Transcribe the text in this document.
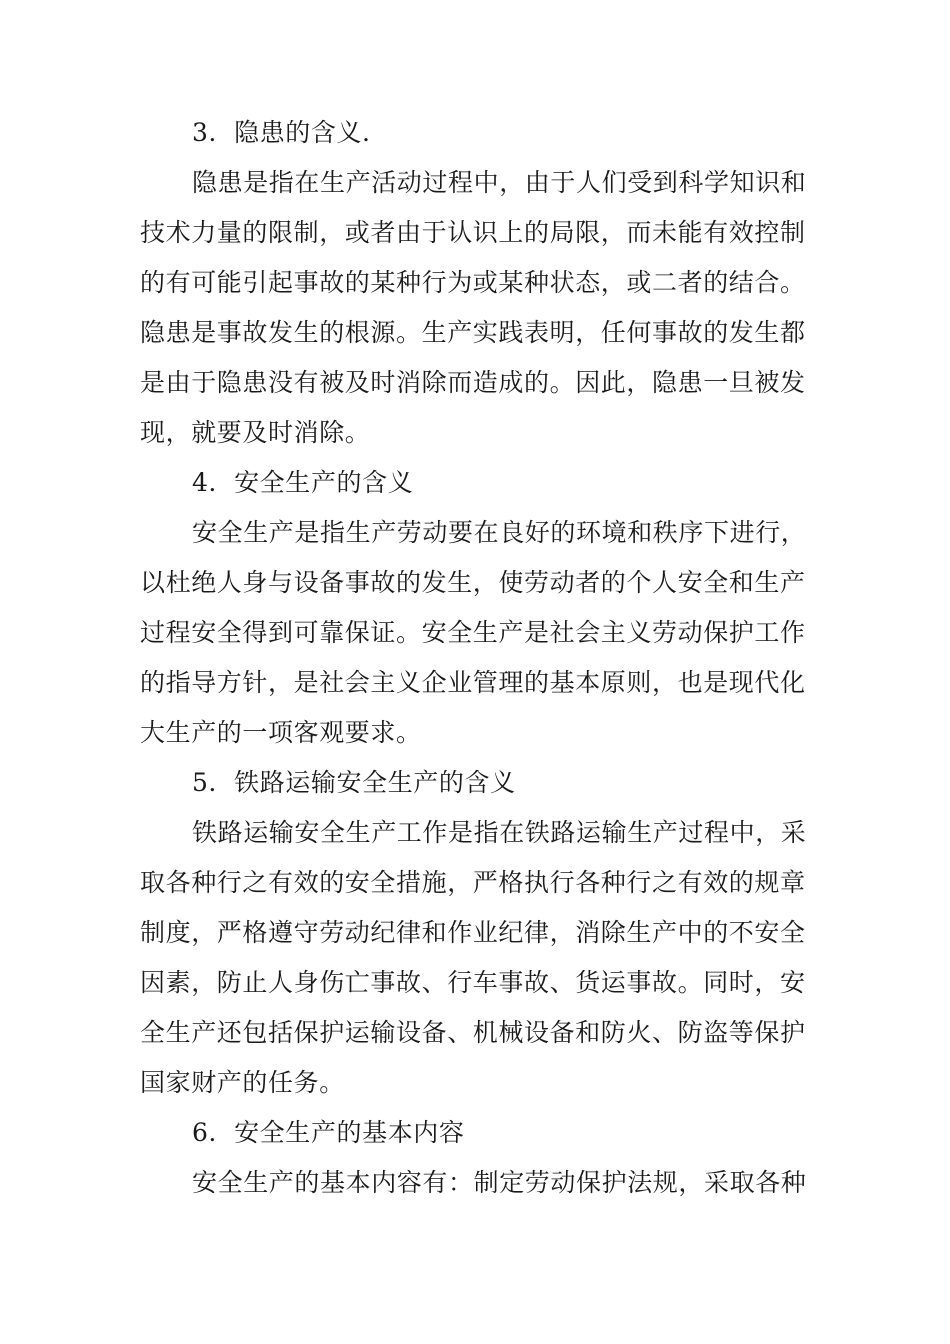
3．隐患的含义．
隐患是指在生产活动过程中，由于人们受到科学知识和
技术力量的限制，或者由于认识上的局限，而未能有效控制
的有可能引起事故的某种行为或某种状态，或二者的结合。
隐患是事故发生的根源。生产实践表明，任何事故的发生都
是由于隐患没有被及时消除而造成的。因此，隐患一旦被发
现，就要及时消除。
4．安全生产的含义
安全生产是指生产劳动要在良好的环境和秩序下进行，
以杜绝人身与设备事故的发生，使劳动者的个人安全和生产
过程安全得到可靠保证。安全生产是社会主义劳动保护工作
的指导方针，是社会主义企业管理的基本原则，也是现代化
大生产的一项客观要求。
5．铁路运输安全生产的含义
铁路运输安全生产工作是指在铁路运输生产过程中，采
取各种行之有效的安全措施，严格执行各种行之有效的规章
制度，严格遵守劳动纪律和作业纪律，消除生产中的不安全
因素，防止人身伤亡事故、行车事故、货运事故。同时，安
全生产还包括保护运输设备、机械设备和防火、防盗等保护
国家财产的任务。
6．安全生产的基本内容
安全生产的基本内容有：制定劳动保护法规，采取各种
